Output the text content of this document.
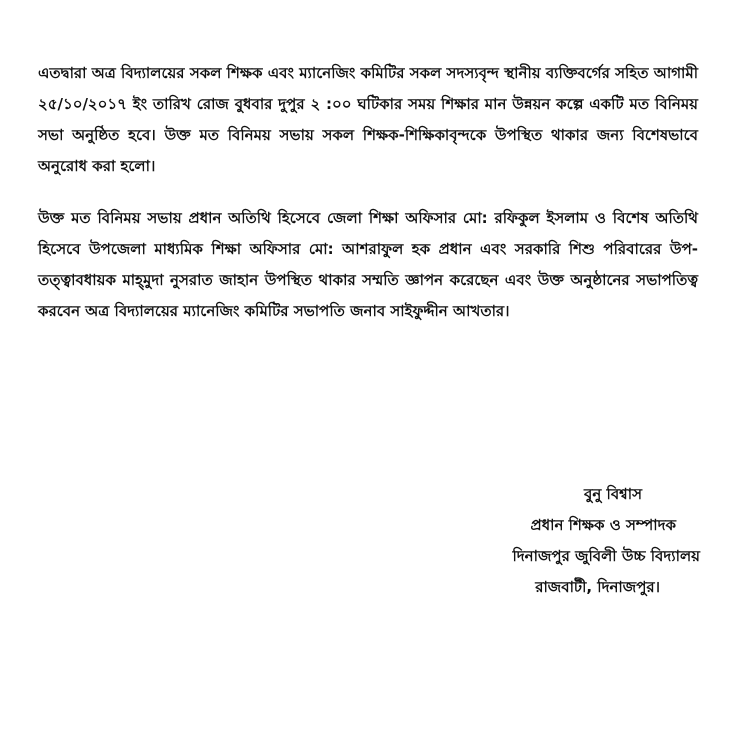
এতদ্বারা অত্র বিদ্যালয়ের সকল শিক্ষক এবং ম্যানেজিং কমিটির সকল সদস্যবৃন্দ স্থানীয় ব্যক্তিবর্গের সহিত আগামী ২৫/১০/২০১৭ ইং তারিখ রোজ বুধবার দুপুর ২ :০০ ঘটিকার সময় শিক্ষার মান উন্নয়ন কল্পে একটি মত বিনিময় সভা অনুষ্ঠিত হবে। উক্ত মত বিনিময় সভায় সকল শিক্ষক-শিক্ষিকাবৃন্দকে উপস্থিত থাকার জন্য বিশেষভাবে অনুরোধ করা হলো।

উক্ত মত বিনিময় সভায় প্রধান অতিথি হিসেবে জেলা শিক্ষা অফিসার মো: রফিকুল ইসলাম ও বিশেষ অতিথি হিসেবে উপজেলা মাধ্যমিক শিক্ষা অফিসার মো: আশরাফুল হক প্রধান এবং সরকারি শিশু পরিবারের উপ-তত্ত্বাবধায়ক মাহ্‌মুদা নুসরাত জাহান উপস্থিত থাকার সম্মতি জ্ঞাপন করেছেন এবং উক্ত অনুষ্ঠানের সভাপতিত্ব করবেন অত্র বিদ্যালয়ের ম্যানেজিং কমিটির সভাপতি জনাব সাইফুদ্দীন আখতার।

বুনু বিশ্বাস
প্রধান শিক্ষক ও সম্পাদক
দিনাজপুর জুবিলী উচ্চ বিদ্যালয়
রাজবাটী, দিনাজপুর।
